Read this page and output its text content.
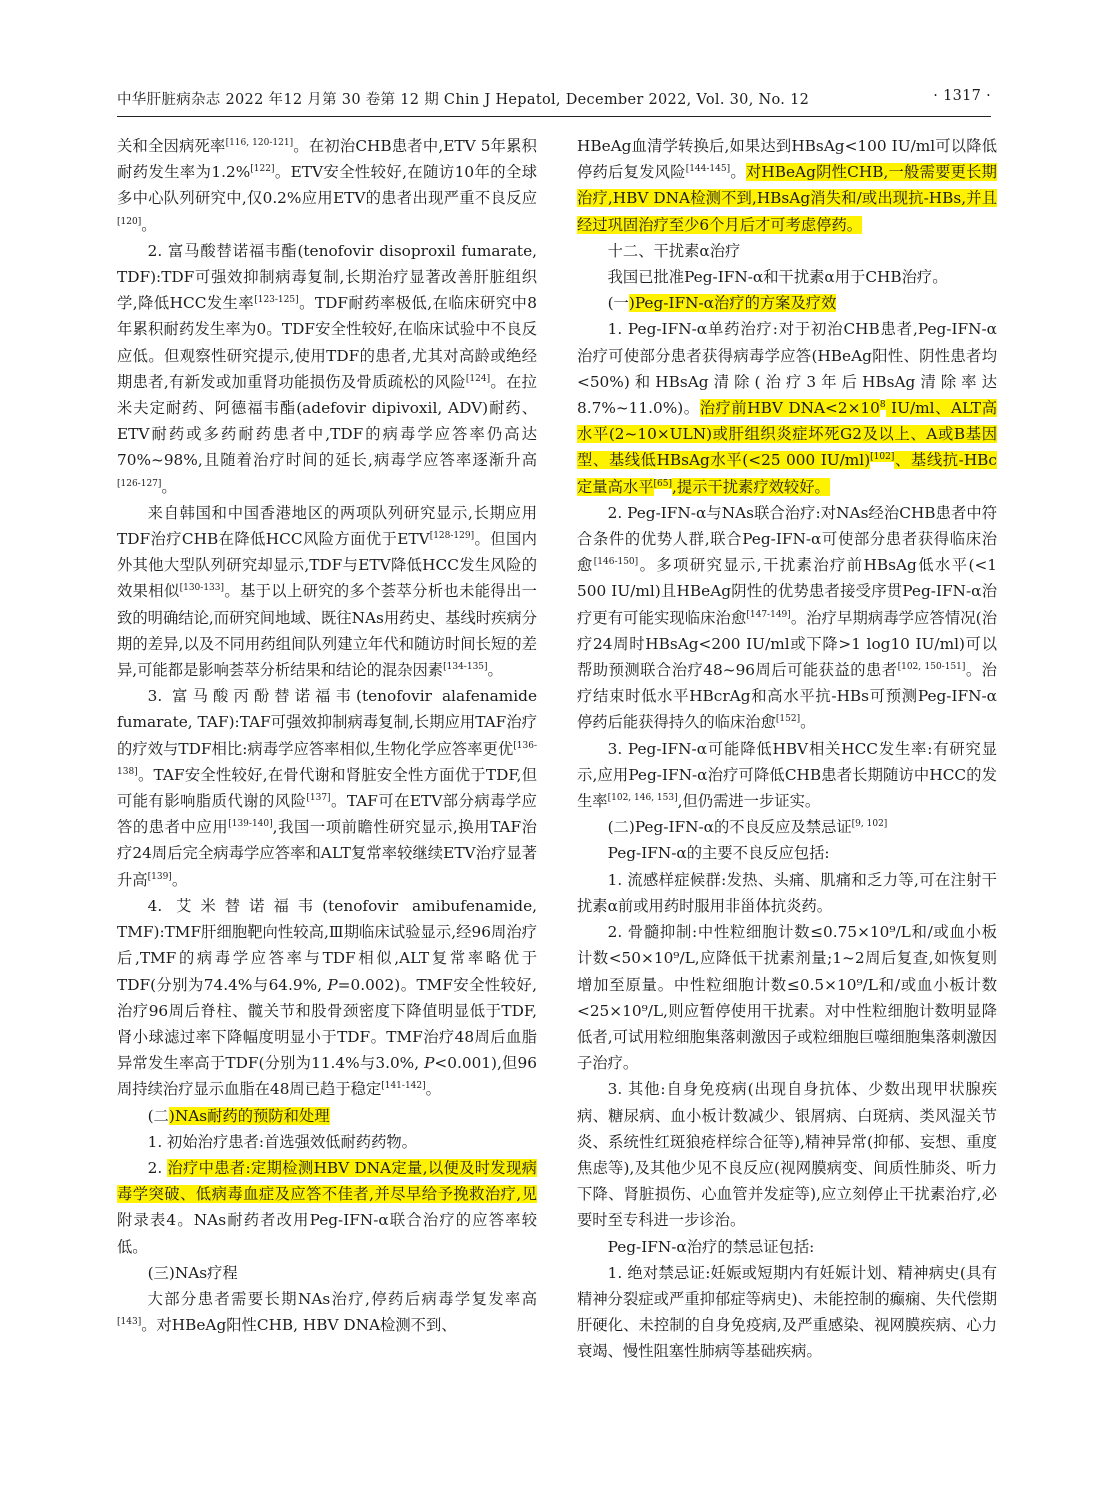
中华肝脏病杂志 2022 年12 月第 30 卷第 12 期 Chin J Hepatol, December 2022, Vol. 30, No. 12	· 1317 ·

关和全因病死率[116, 120-121]。在初治CHB患者中,ETV 5年累积耐药发生率为1.2%[122]。ETV安全性较好,在随访10年的全球多中心队列研究中,仅0.2%应用ETV的患者出现严重不良反应[120]。

2. 富马酸替诺福韦酯(tenofovir disoproxil fumarate, TDF):TDF可强效抑制病毒复制,长期治疗显著改善肝脏组织学,降低HCC发生率[123-125]。TDF耐药率极低,在临床研究中8年累积耐药发生率为0。TDF安全性较好,在临床试验中不良反应低。但观察性研究提示,使用TDF的患者,尤其对高龄或绝经期患者,有新发或加重肾功能损伤及骨质疏松的风险[124]。在拉米夫定耐药、阿德福韦酯(adefovir dipivoxil, ADV)耐药、ETV耐药或多药耐药患者中,TDF的病毒学应答率仍高达70%~98%,且随着治疗时间的延长,病毒学应答率逐渐升高[126-127]。

来自韩国和中国香港地区的两项队列研究显示,长期应用TDF治疗CHB在降低HCC风险方面优于ETV[128-129]。但国内外其他大型队列研究却显示,TDF与ETV降低HCC发生风险的效果相似[130-133]。基于以上研究的多个荟萃分析也未能得出一致的明确结论,而研究间地域、既往NAs用药史、基线时疾病分期的差异,以及不同用药组间队列建立年代和随访时间长短的差异,可能都是影响荟萃分析结果和结论的混杂因素[134-135]。

3. 富马酸丙酚替诺福韦(tenofovir alafenamide fumarate, TAF):TAF可强效抑制病毒复制,长期应用TAF治疗的疗效与TDF相比:病毒学应答率相似,生物化学应答率更优[136-138]。TAF安全性较好,在骨代谢和肾脏安全性方面优于TDF,但可能有影响脂质代谢的风险[137]。TAF可在ETV部分病毒学应答的患者中应用[139-140],我国一项前瞻性研究显示,换用TAF治疗24周后完全病毒学应答率和ALT复常率较继续ETV治疗显著升高[139]。

4. 艾米替诺福韦(tenofovir amibufenamide, TMF):TMF肝细胞靶向性较高,Ⅲ期临床试验显示,经96周治疗后,TMF的病毒学应答率与TDF相似,ALT复常率略优于TDF(分别为74.4%与64.9%, P=0.002)。TMF安全性较好,治疗96周后脊柱、髋关节和股骨颈密度下降值明显低于TDF,肾小球滤过率下降幅度明显小于TDF。TMF治疗48周后血脂异常发生率高于TDF(分别为11.4%与3.0%, P<0.001),但96周持续治疗显示血脂在48周已趋于稳定[141-142]。

(二)NAs耐药的预防和处理

1. 初始治疗患者:首选强效低耐药药物。

2. 治疗中患者:定期检测HBV DNA定量,以便及时发现病毒学突破、低病毒血症及应答不佳者,并尽早给予挽救治疗,见附录表4。NAs耐药者改用Peg-IFN-α联合治疗的应答率较低。

(三)NAs疗程

大部分患者需要长期NAs治疗,停药后病毒学复发率高[143]。对HBeAg阳性CHB, HBV DNA检测不到、

HBeAg血清学转换后,如果达到HBsAg<100 IU/ml可以降低停药后复发风险[144-145]。对HBeAg阴性CHB,一般需要更长期治疗,HBV DNA检测不到,HBsAg消失和/或出现抗-HBs,并且经过巩固治疗至少6个月后才可考虑停药。

十二、干扰素α治疗

我国已批准Peg-IFN-α和干扰素α用于CHB治疗。

(一)Peg-IFN-α治疗的方案及疗效

1. Peg-IFN-α单药治疗:对于初治CHB患者,Peg-IFN-α治疗可使部分患者获得病毒学应答(HBeAg阳性、阴性患者均<50%)和HBsAg清除(治疗3年后HBsAg清除率达8.7%~11.0%)。治疗前HBV $DNA<2\times 10^8$ IU/ml、ALT高水平(2~10×ULN)或肝组织炎症坏死G2及以上、A或B基因型、基线低HBsAg水平(<25 000 IU/ml)[102]、基线抗-HBc定量高水平[65],提示干扰素疗效较好。

2. Peg-IFN-α与NAs联合治疗:对NAs经治CHB患者中符合条件的优势人群,联合Peg-IFN-α可使部分患者获得临床治愈[146-150]。多项研究显示,干扰素治疗前HBsAg低水平(<1 500 IU/ml)且HBeAg阴性的优势患者接受序贯Peg-IFN-α治疗更有可能实现临床治愈[147-149]。治疗早期病毒学应答情况(治疗24周时HBsAg<200 IU/ml或下降>1 log10 IU/ml)可以帮助预测联合治疗48~96周后可能获益的患者[102, 150-151]。治疗结束时低水平HBcrAg和高水平抗-HBs可预测Peg-IFN-α停药后能获得持久的临床治愈[152]。

3. Peg-IFN-α可能降低HBV相关HCC发生率:有研究显示,应用Peg-IFN-α治疗可降低CHB患者长期随访中HCC的发生率[102, 146, 153],但仍需进一步证实。

(二)Peg-IFN-α的不良反应及禁忌证[9, 102]

Peg-IFN-α的主要不良反应包括:

1. 流感样症候群:发热、头痛、肌痛和乏力等,可在注射干扰素α前或用药时服用非甾体抗炎药。

2. 骨髓抑制:中性粒细胞计数≤0.75×10⁹/L和/或血小板计数<50×10⁹/L,应降低干扰素剂量;1~2周后复查,如恢复则增加至原量。中性粒细胞计数≤0.5×10⁹/L和/或血小板计数<25×10⁹/L,则应暂停使用干扰素。对中性粒细胞计数明显降低者,可试用粒细胞集落刺激因子或粒细胞巨噬细胞集落刺激因子治疗。

3. 其他:自身免疫病(出现自身抗体、少数出现甲状腺疾病、糖尿病、血小板计数减少、银屑病、白斑病、类风湿关节炎、系统性红斑狼疮样综合征等),精神异常(抑郁、妄想、重度焦虑等),及其他少见不良反应(视网膜病变、间质性肺炎、听力下降、肾脏损伤、心血管并发症等),应立刻停止干扰素治疗,必要时至专科进一步诊治。

Peg-IFN-α治疗的禁忌证包括:

1. 绝对禁忌证:妊娠或短期内有妊娠计划、精神病史(具有精神分裂症或严重抑郁症等病史)、未能控制的癫痫、失代偿期肝硬化、未控制的自身免疫病,及严重感染、视网膜疾病、心力衰竭、慢性阻塞性肺病等基础疾病。
